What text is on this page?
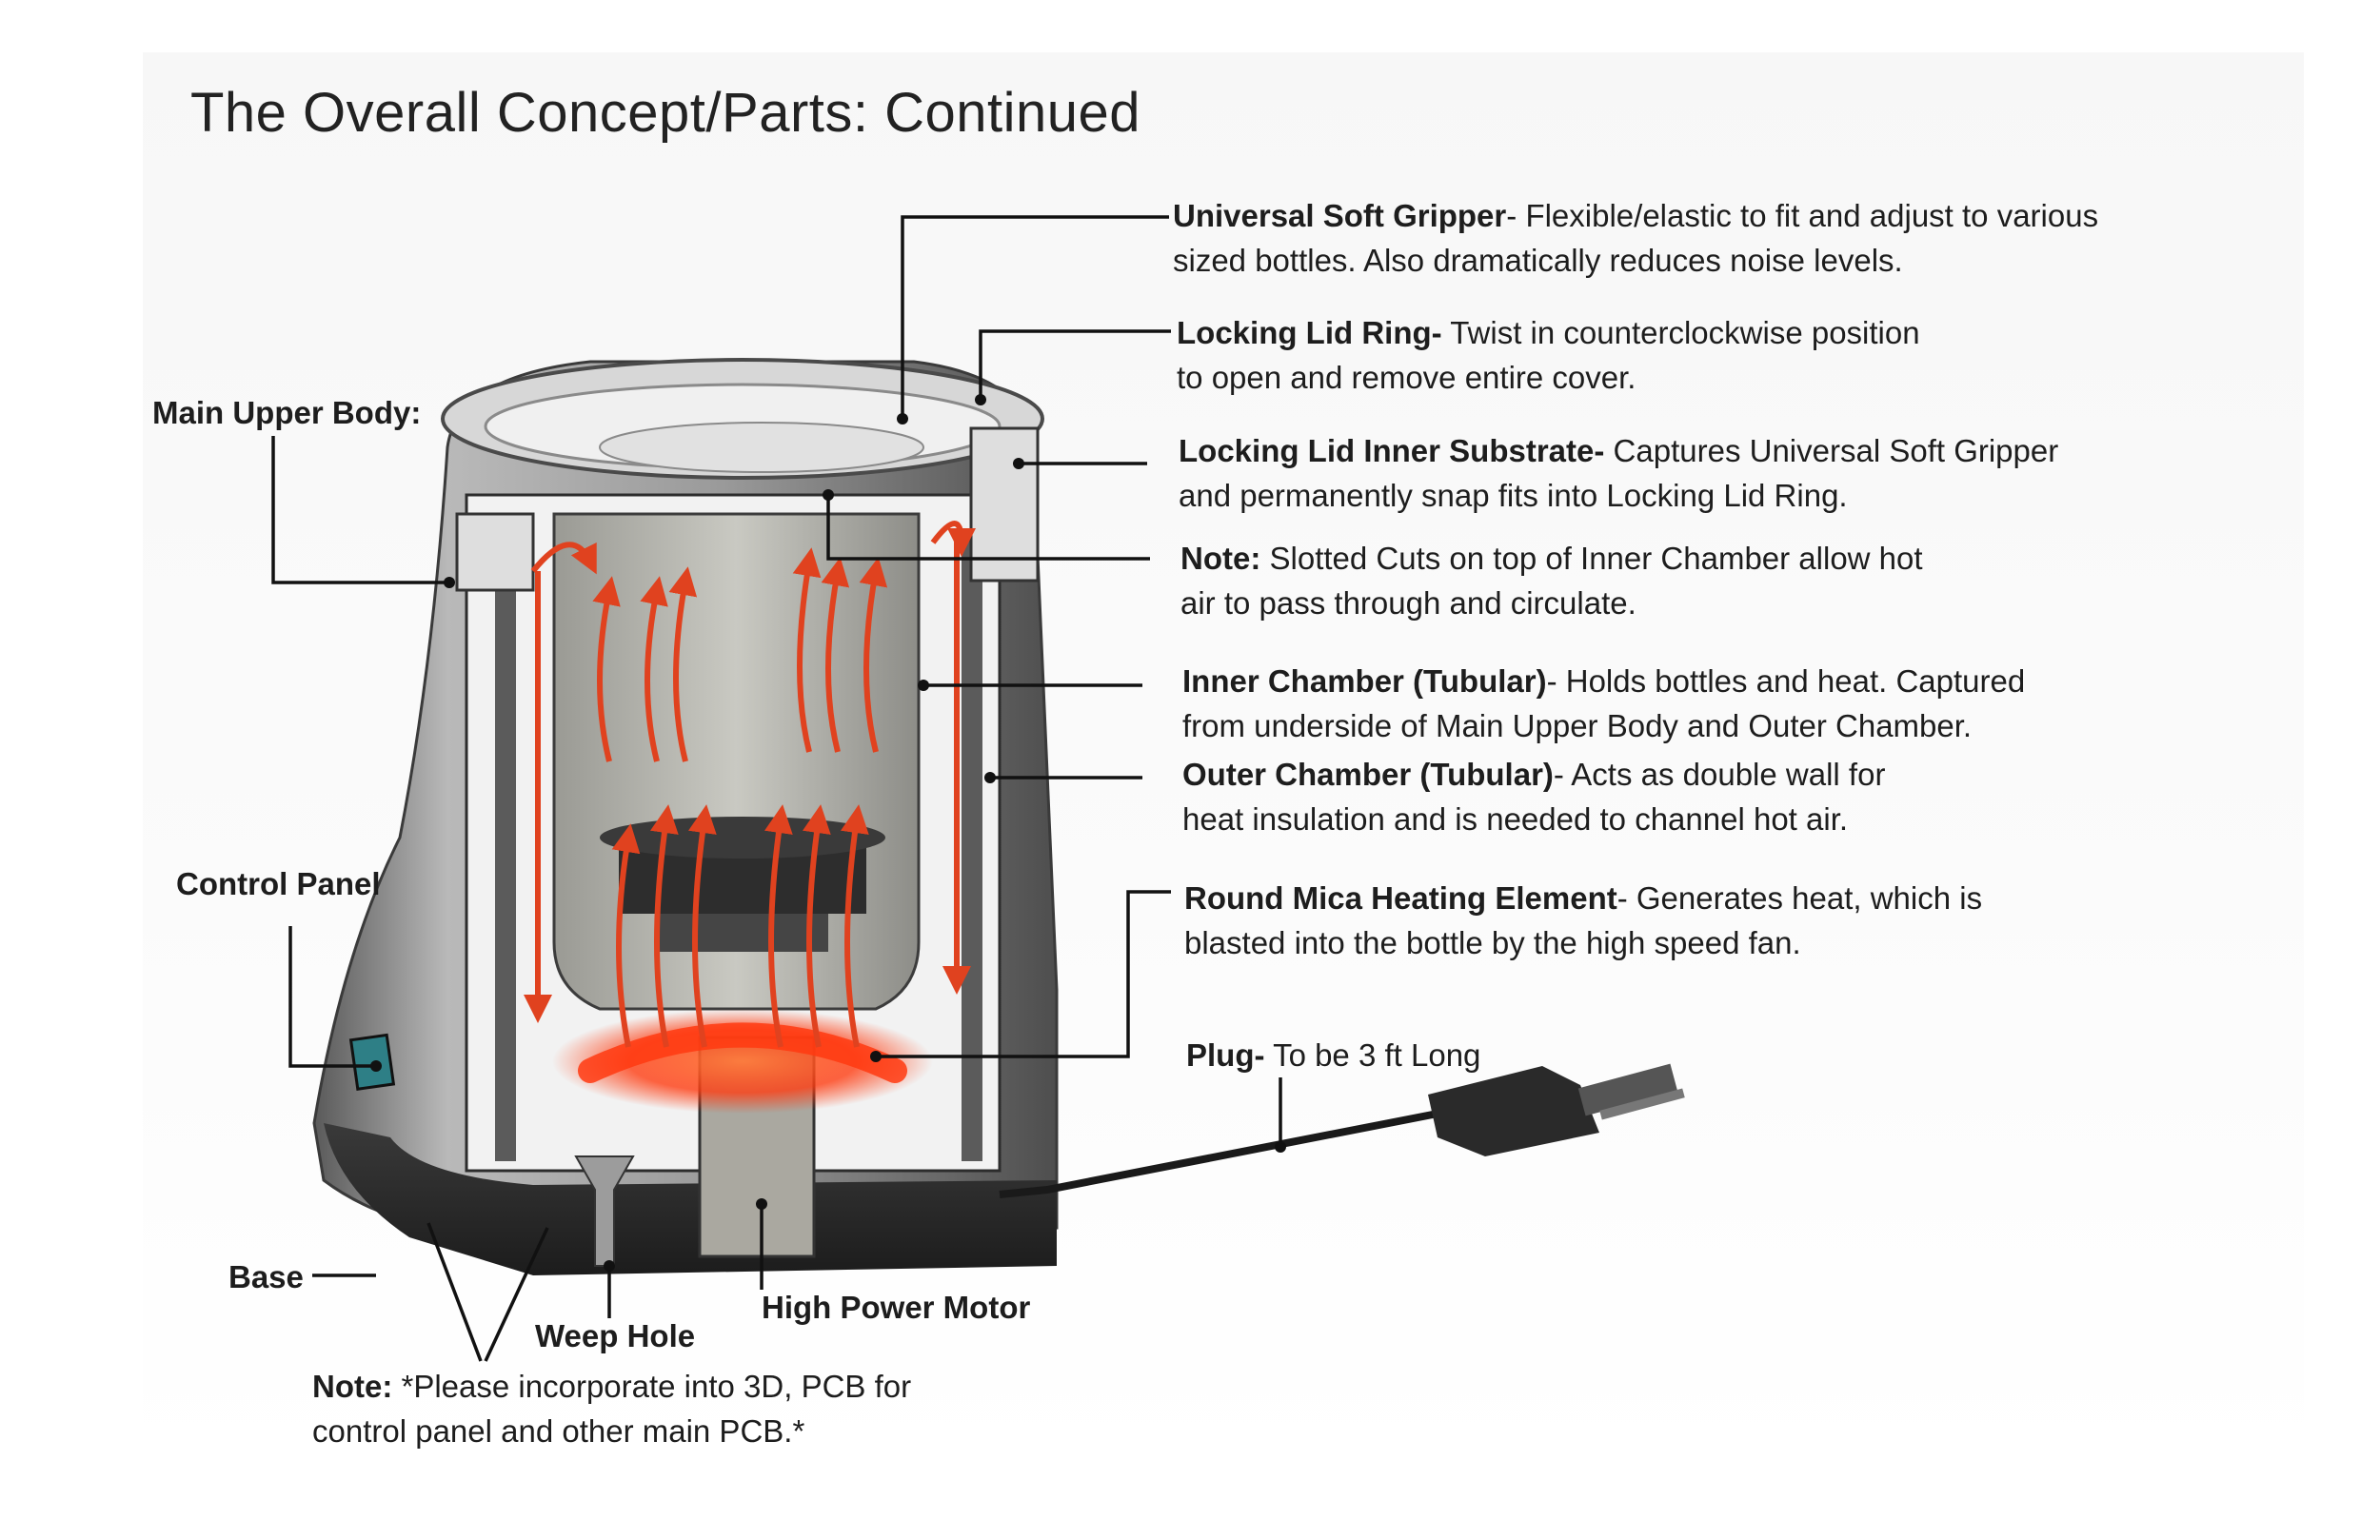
The Overall Concept/Parts: Continued
Universal Soft Gripper- Flexible/elastic to fit and adjust to various
sized bottles. Also dramatically reduces noise levels.
Locking Lid Ring- Twist in counterclockwise position
to open and remove entire cover.
Locking Lid Inner Substrate- Captures Universal Soft Gripper
and permanently snap fits into Locking Lid Ring.
Note: Slotted Cuts on top of Inner Chamber allow hot
air to pass through and circulate.
Inner Chamber (Tubular)- Holds bottles and heat. Captured
from underside of Main Upper Body and Outer Chamber.
Outer Chamber (Tubular)- Acts as double wall for
heat insulation and is needed to channel hot air.
Round Mica Heating Element- Generates heat, which is
blasted into the bottle by the high speed fan.
Plug- To be 3 ft Long
Main Upper Body:
Control Panel
Base
Weep Hole
High Power Motor
Note: *Please incorporate into 3D, PCB for
control panel and other main PCB.*
